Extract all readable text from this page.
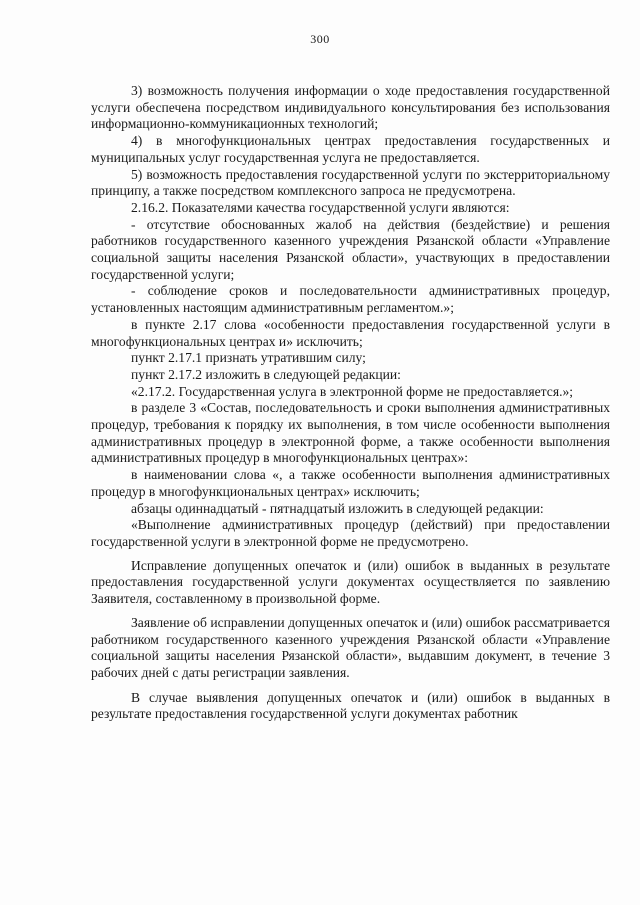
300

3) возможность получения информации о ходе предоставления государственной услуги обеспечена посредством индивидуального консультирования без использования информационно-коммуникационных технологий;

4) в многофункциональных центрах предоставления государственных и муниципальных услуг государственная услуга не предоставляется.

5) возможность предоставления государственной услуги по экстерриториальному принципу, а также посредством комплексного запроса не предусмотрена.

2.16.2. Показателями качества государственной услуги являются:

- отсутствие обоснованных жалоб на действия (бездействие) и решения работников государственного казенного учреждения Рязанской области «Управление социальной защиты населения Рязанской области», участвующих в предоставлении государственной услуги;

- соблюдение сроков и последовательности административных процедур, установленных настоящим административным регламентом.»;

в пункте 2.17 слова «особенности предоставления государственной услуги в многофункциональных центрах и» исключить;

пункт 2.17.1 признать утратившим силу;

пункт 2.17.2 изложить в следующей редакции:

«2.17.2. Государственная услуга в электронной форме не предоставляется.»;

в разделе 3 «Состав, последовательность и сроки выполнения административных процедур, требования к порядку их выполнения, в том числе особенности выполнения административных процедур в электронной форме, а также особенности выполнения административных процедур в многофункциональных центрах»:

в наименовании слова «, а также особенности выполнения административных процедур в многофункциональных центрах» исключить;

абзацы одиннадцатый - пятнадцатый изложить в следующей редакции:

«Выполнение административных процедур (действий) при предоставлении государственной услуги в электронной форме не предусмотрено.

Исправление допущенных опечаток и (или) ошибок в выданных в результате предоставления государственной услуги документах осуществляется по заявлению Заявителя, составленному в произвольной форме.

Заявление об исправлении допущенных опечаток и (или) ошибок рассматривается работником государственного казенного учреждения Рязанской области «Управление социальной защиты населения Рязанской области», выдавшим документ, в течение 3 рабочих дней с даты регистрации заявления.

В случае выявления допущенных опечаток и (или) ошибок в выданных в результате предоставления государственной услуги документах работник
